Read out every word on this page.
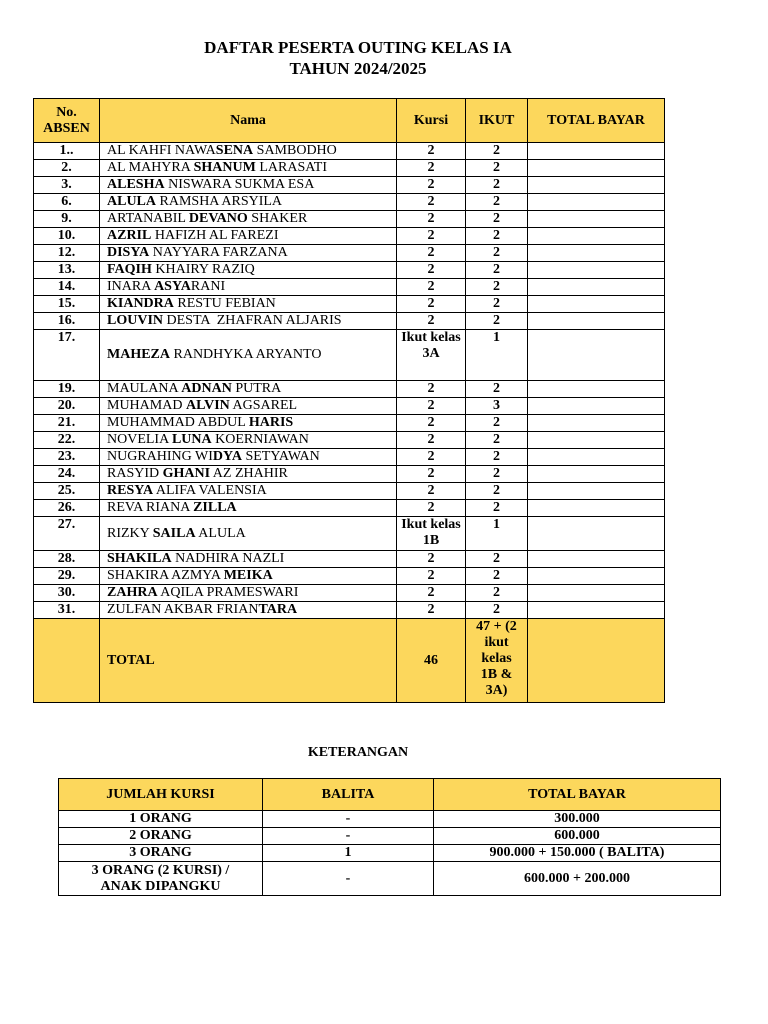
DAFTAR PESERTA OUTING KELAS IA
TAHUN 2024/2025
No. ABSEN	Nama	Kursi	IKUT	TOTAL BAYAR
1..	AL KAHFI NAWASENA SAMBODHO	2	2	
2.	AL MAHYRA SHANUM LARASATI	2	2	
3.	ALESHA NISWARA SUKMA ESA	2	2	
6.	ALULA RAMSHA ARSYILA	2	2	
9.	ARTANABIL DEVANO SHAKER	2	2	
10.	AZRIL HAFIZH AL FAREZI	2	2	
12.	DISYA NAYYARA FARZANA	2	2	
13.	FAQIH KHAIRY RAZIQ	2	2	
14.	INARA ASYARANI	2	2	
15.	KIANDRA RESTU FEBIAN	2	2	
16.	LOUVIN DESTA  ZHAFRAN ALJARIS	2	2	
17.	MAHEZA RANDHYKA ARYANTO	Ikut kelas 3A	1	
19.	MAULANA ADNAN PUTRA	2	2	
20.	MUHAMAD ALVIN AGSAREL	2	3	
21.	MUHAMMAD ABDUL HARIS	2	2	
22.	NOVELIA LUNA KOERNIAWAN	2	2	
23.	NUGRAHING WIDYA SETYAWAN	2	2	
24.	RASYID GHANI AZ ZHAHIR	2	2	
25.	RESYA ALIFA VALENSIA	2	2	
26.	REVA RIANA ZILLA	2	2	
27.	RIZKY SAILA ALULA	Ikut kelas 1B	1	
28.	SHAKILA NADHIRA NAZLI	2	2	
29.	SHAKIRA AZMYA MEIKA	2	2	
30.	ZAHRA AQILA PRAMESWARI	2	2	
31.	ZULFAN AKBAR FRIANTARA	2	2	
	TOTAL	46	47 + (2 ikut kelas 1B & 3A)	
KETERANGAN
JUMLAH KURSI	BALITA	TOTAL BAYAR
1 ORANG	-	300.000
2 ORANG	-	600.000
3 ORANG	1	900.000 + 150.000 ( BALITA)
3 ORANG (2 KURSI) / ANAK DIPANGKU	-	600.000 + 200.000
